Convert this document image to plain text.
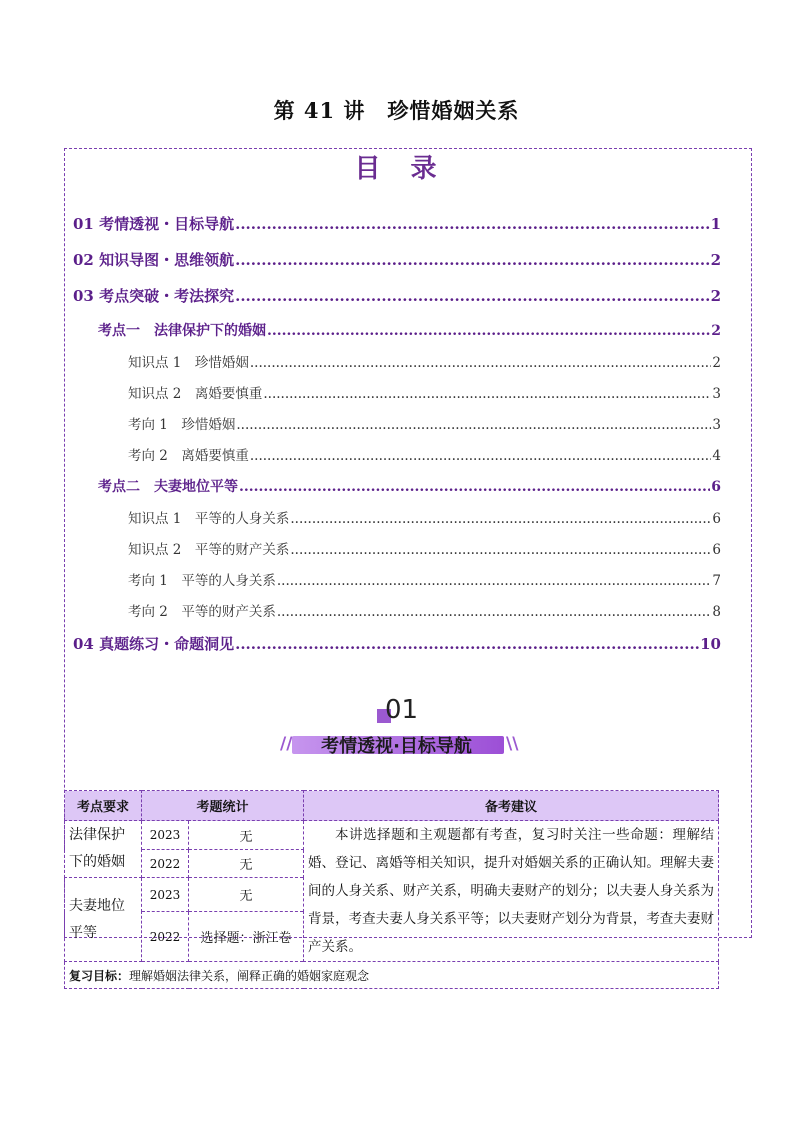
第 41 讲　珍惜婚姻关系
目　录
01 考情透视・目标导航 .....	1
02 知识导图・思维领航 .....	2
03 考点突破・考法探究 .....	2
考点一　法律保护下的婚姻 .....	2
知识点 1　珍惜婚姻 .....	2
知识点 2　离婚要慎重 .....	3
考向 1　珍惜婚姻 .....	3
考向 2　离婚要慎重 .....	4
考点二　夫妻地位平等 .....	6
知识点 1　平等的人身关系 .....	6
知识点 2　平等的财产关系 .....	6
考向 1　平等的人身关系 .....	7
考向 2　平等的财产关系 .....	8
04 真题练习・命题洞见 .....	10
01
//	\\
考情透视·目标导航
考点要求	考题统计		备考建议
法律保护下的婚姻	2023	无	本讲选择题和主观题都有考查，复习时关注一些命题：理解结婚、登记、离婚等相关知识，提升对婚姻关系的正确认知。理解夫妻间的人身关系、财产关系，明确夫妻财产的划分；以夫妻人身关系为背景，考查夫妻人身关系平等；以夫妻财产划分为背景，考查夫妻财产关系。
	2022	无	
夫妻地位平等	2023	无	
	2022	选择题：浙江卷	
复习目标：理解婚姻法律关系，阐释正确的婚姻家庭观念			
